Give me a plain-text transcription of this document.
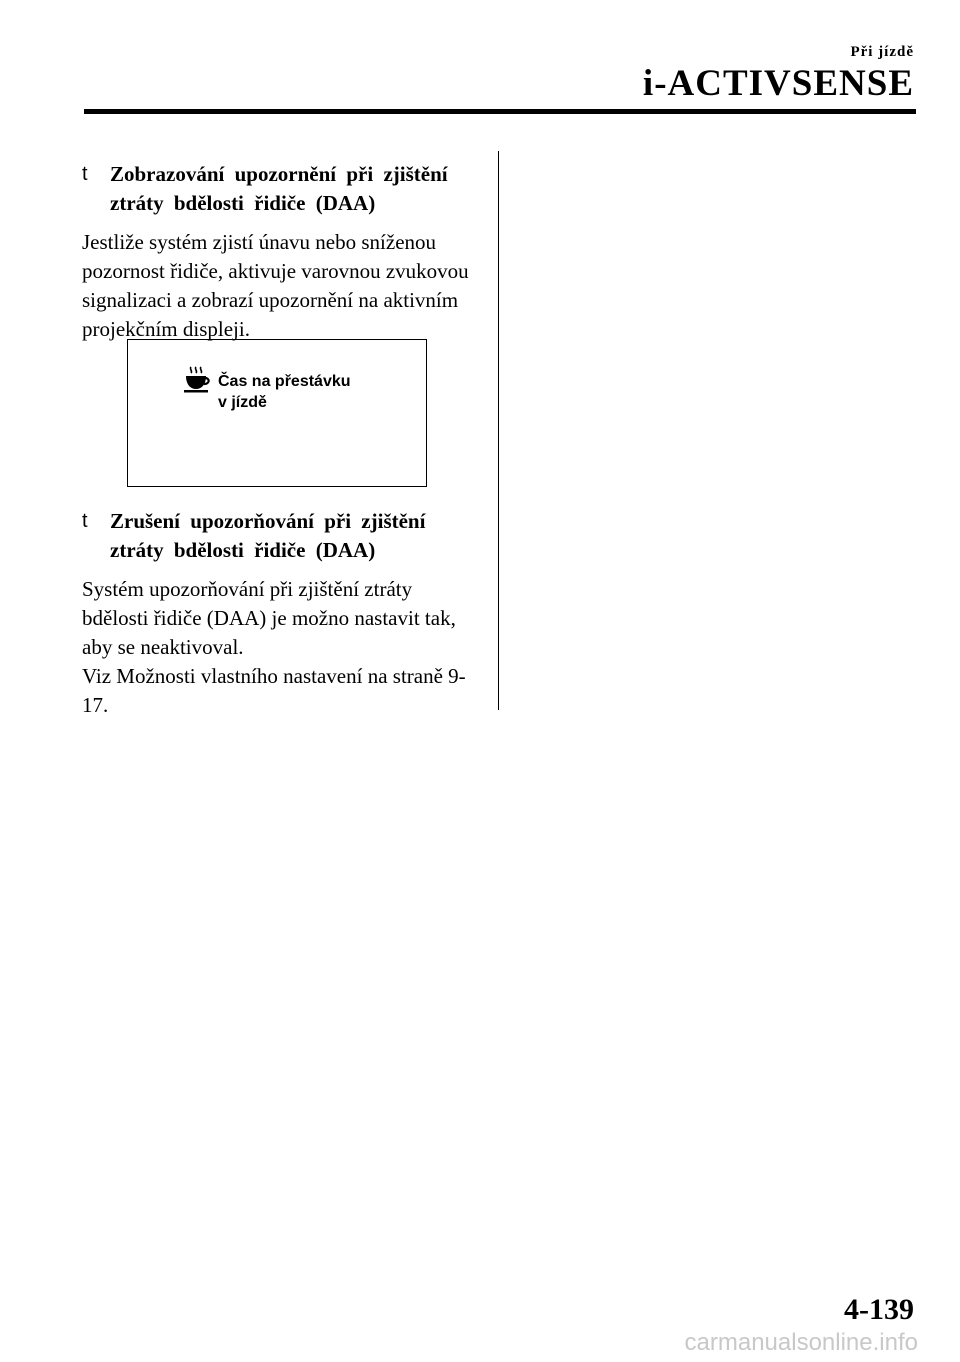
Při jízdě
i-ACTIVSENSE
t	Zobrazování upozornění při zjištění ztráty bdělosti řidiče (DAA)

Jestliže systém zjistí únavu nebo sníženou pozornost řidiče, aktivuje varovnou zvukovou signalizaci a zobrazí upozornění na aktivním projekčním displeji.

Čas na přestávku
v jízdě
t	Zrušení upozorňování při zjištění ztráty bdělosti řidiče (DAA)

Systém upozorňování při zjištění ztráty bdělosti řidiče (DAA) je možno nastavit tak, aby se neaktivoval.

Viz Možnosti vlastního nastavení na straně 9-17.

4-139
carmanualsonline.info
